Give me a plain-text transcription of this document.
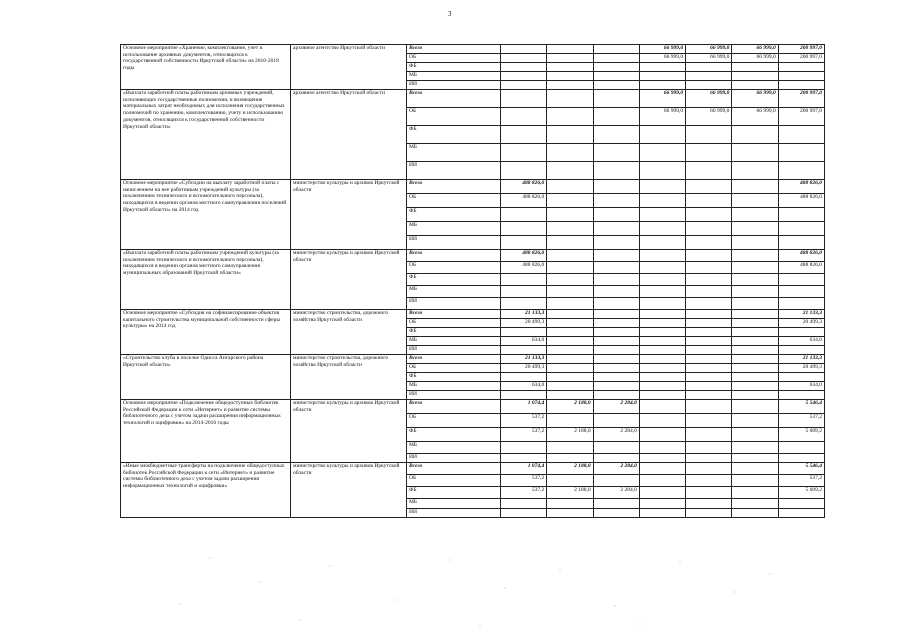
3
Основное мероприятие «Хранение, комплектование, учет и использование архивных документов, относящихся к государственной собственности Иркутской области» на 2016-2018 годы	архивное агентство Иркутской области	Всего				66 999,0	66 999,0	66 999,0	200 997,0
		ОБ				66 999,0	66 999,0	66 999,0	200 997,0
		ФБ							
		МБ							
		ИИ							
«Выплата заработной платы работникам архивных учреждений, исполняющих государственные полномочия, и возмещение материальных затрат необходимых для исполнения государственных полномочий по хранению, комплектованию, учету и использованию документов, относящихся к государственной собственности Иркутской области»	архивное агентство Иркутской области	Всего				66 999,0	66 999,0	66 999,0	200 997,0
		ОБ				66 999,0	66 999,0	66 999,0	200 997,0
		ФБ							
		МБ							
		ИИ							
Основное мероприятие «Субсидии на выплату заработной платы с начислением на нее работникам учреждений культуры (за исключением технического и вспомогательного персонала), находящихся в ведении органов местного самоуправления поселений Иркутской области» на 2014 год	министерство культуры и архивов Иркутской области	Всего	488 826,0						488 826,0
		ОБ	488 826,0						488 826,0
		ФБ							
		МБ							
		ИИ							
«Выплата заработной платы работникам учреждений культуры (за исключением технического и вспомогательного персонала), находящихся в ведении органов местного самоуправления муниципальных образований Иркутской области»	министерство культуры и архивов Иркутской области	Всего	488 826,0						488 826,0
		ОБ	488 826,0						488 826,0
		ФБ							
		МБ							
		ИИ							
Основное мероприятие «Субсидия на софинансирование объектов капитального строительства муниципальной собственности сферы культуры» на 2014 год	министерство строительства, дорожного хозяйства Иркутской области	Всего	21 133,3						21 133,3
		ОБ	20 499,3						20 499,3
		ФБ							
		МБ	634,0						634,0
		ИИ							
«Строительство клуба в поселке Одисса Ангарского района Иркутской области»	министерство строительства, дорожного хозяйства Иркутской области	Всего	21 133,3						21 133,3
		ОБ	20 499,3						20 499,3
		ФБ							
		МБ	634,0						634,0
		ИИ							
Основное мероприятие «Подключение общедоступных библиотек Российской Федерации к сети «Интернет» и развитие системы библиотечного дела с учетом задачи расширения информационных технологий и оцифровки» на 2014-2016 годы	министерство культуры и архивов Иркутской области	Всего	1 074,4	2 188,0	2 284,0				5 546,4
		ОБ	537,2						537,2
		ФБ	537,2	2 188,0	2 284,0				5 009,2
		МБ							
		ИИ							
«Иные межбюджетные трансферты на подключение общедоступных библиотек Российской Федерации к сети «Интернет» и развитие системы библиотечного дела с учетом задачи расширения информационных технологий и оцифровки»	министерство культуры и архивов Иркутской области	Всего	1 074,4	2 188,0	2 284,0				5 546,4
		ОБ	537,2						537,2
		ФБ	537,2	2 188,0	2 284,0				5 009,2
		МБ							
		ИИ							
